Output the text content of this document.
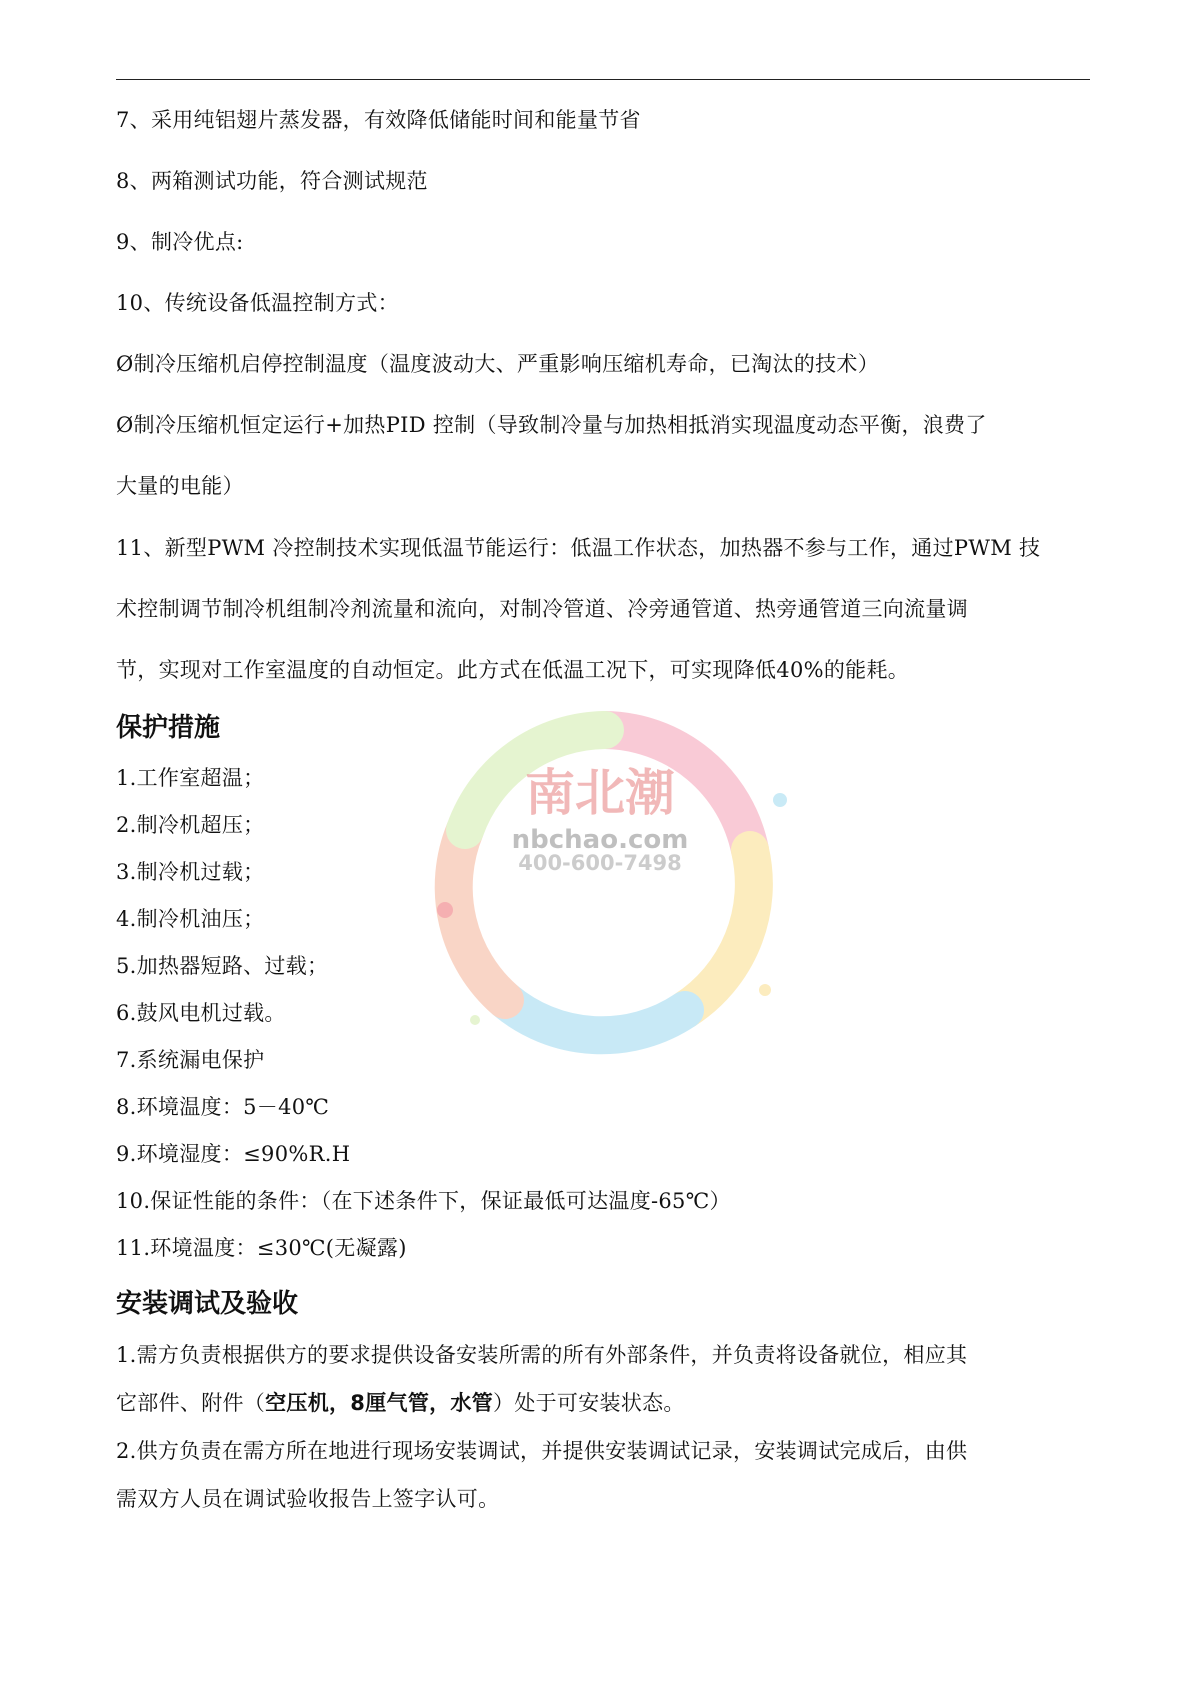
南北潮
nbchao.com
400-600-7498
7、采用纯铝翅片蒸发器，有效降低储能时间和能量节省
8、两箱测试功能，符合测试规范
9、制冷优点:
10、传统设备低温控制方式：
Ø制冷压缩机启停控制温度（温度波动大、严重影响压缩机寿命，已淘汰的技术）
Ø制冷压缩机恒定运行+加热PID 控制（导致制冷量与加热相抵消实现温度动态平衡，浪费了
大量的电能）
11、新型PWM 冷控制技术实现低温节能运行：低温工作状态，加热器不参与工作，通过PWM 技
术控制调节制冷机组制冷剂流量和流向，对制冷管道、冷旁通管道、热旁通管道三向流量调
节，实现对工作室温度的自动恒定。此方式在低温工况下，可实现降低40%的能耗。
保护措施
1.工作室超温；
2.制冷机超压；
3.制冷机过载；
4.制冷机油压；
5.加热器短路、过载；
6.鼓风电机过载。
7.系统漏电保护
8.环境温度：5－40℃
9.环境湿度：≤90%R.H
10.保证性能的条件：（在下述条件下，保证最低可达温度-65℃）
11.环境温度：≤30℃(无凝露)
安装调试及验收
1.需方负责根据供方的要求提供设备安装所需的所有外部条件，并负责将设备就位，相应其
它部件、附件（空压机，8厘气管，水管）处于可安装状态。
2.供方负责在需方所在地进行现场安装调试，并提供安装调试记录，安装调试完成后，由供
需双方人员在调试验收报告上签字认可。
